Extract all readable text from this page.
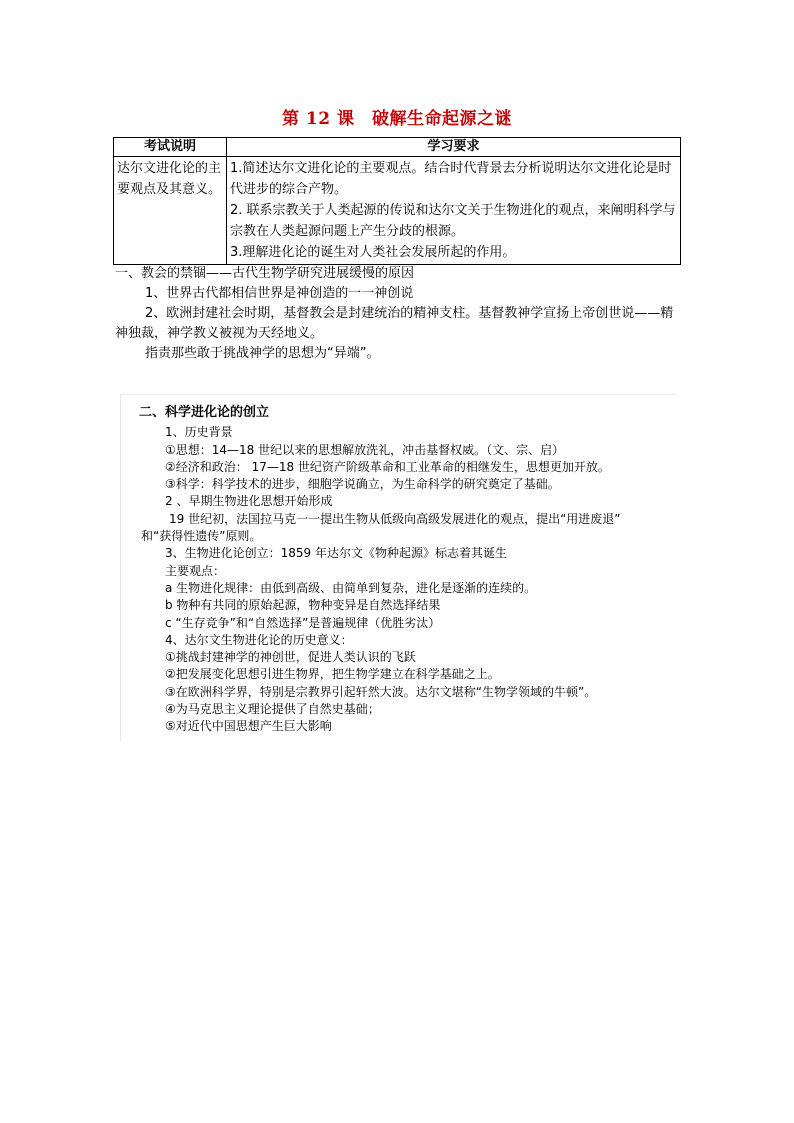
第 12 课　破解生命起源之谜
考试说明	学习要求
达尔文进化论的主要观点及其意义。	1.简述达尔文进化论的主要观点。结合时代背景去分析说明达尔文进化论是时代进步的综合产物。
2. 联系宗教关于人类起源的传说和达尔文关于生物进化的观点，来阐明科学与宗教在人类起源问题上产生分歧的根源。
3.理解进化论的诞生对人类社会发展所起的作用。

一、教会的禁锢——古代生物学研究进展缓慢的原因

1、世界古代都相信世界是神创造的一一神创说

2、欧洲封建社会时期，基督教会是封建统治的精神支柱。基督教神学宣扬上帝创世说——精神独裁，神学教义被视为天经地义。

指责那些敢于挑战神学的思想为“异端”。

二、科学进化论的创立
1、历史背景
①思想：14—18 世纪以来的思想解放洗礼，冲击基督权威。（文、宗、启）
②经济和政治： 17—18 世纪资产阶级革命和工业革命的相继发生，思想更加开放。
③科学：科学技术的进步，细胞学说确立，为生命科学的研究奠定了基础。
2 、早期生物进化思想开始形成
19 世纪初，法国拉马克一一提出生物从低级向高级发展进化的观点，提出“用进废退”
和“获得性遗传”原则。
3、生物进化论创立：1859 年达尔文《物种起源》标志着其诞生
主要观点：
a 生物进化规律：由低到高级、由简单到复杂，进化是逐渐的连续的。
b 物种有共同的原始起源，物种变异是自然选择结果
c “生存竞争”和“自然选择”是普遍规律（优胜劣汰）
4、达尔文生物进化论的历史意义：
①挑战封建神学的神创世，促进人类认识的飞跃
②把发展变化思想引进生物界，把生物学建立在科学基础之上。
③在欧洲科学界，特别是宗教界引起轩然大波。达尔文堪称“生物学领域的牛顿”。
④为马克思主义理论提供了自然史基础；
⑤对近代中国思想产生巨大影响
